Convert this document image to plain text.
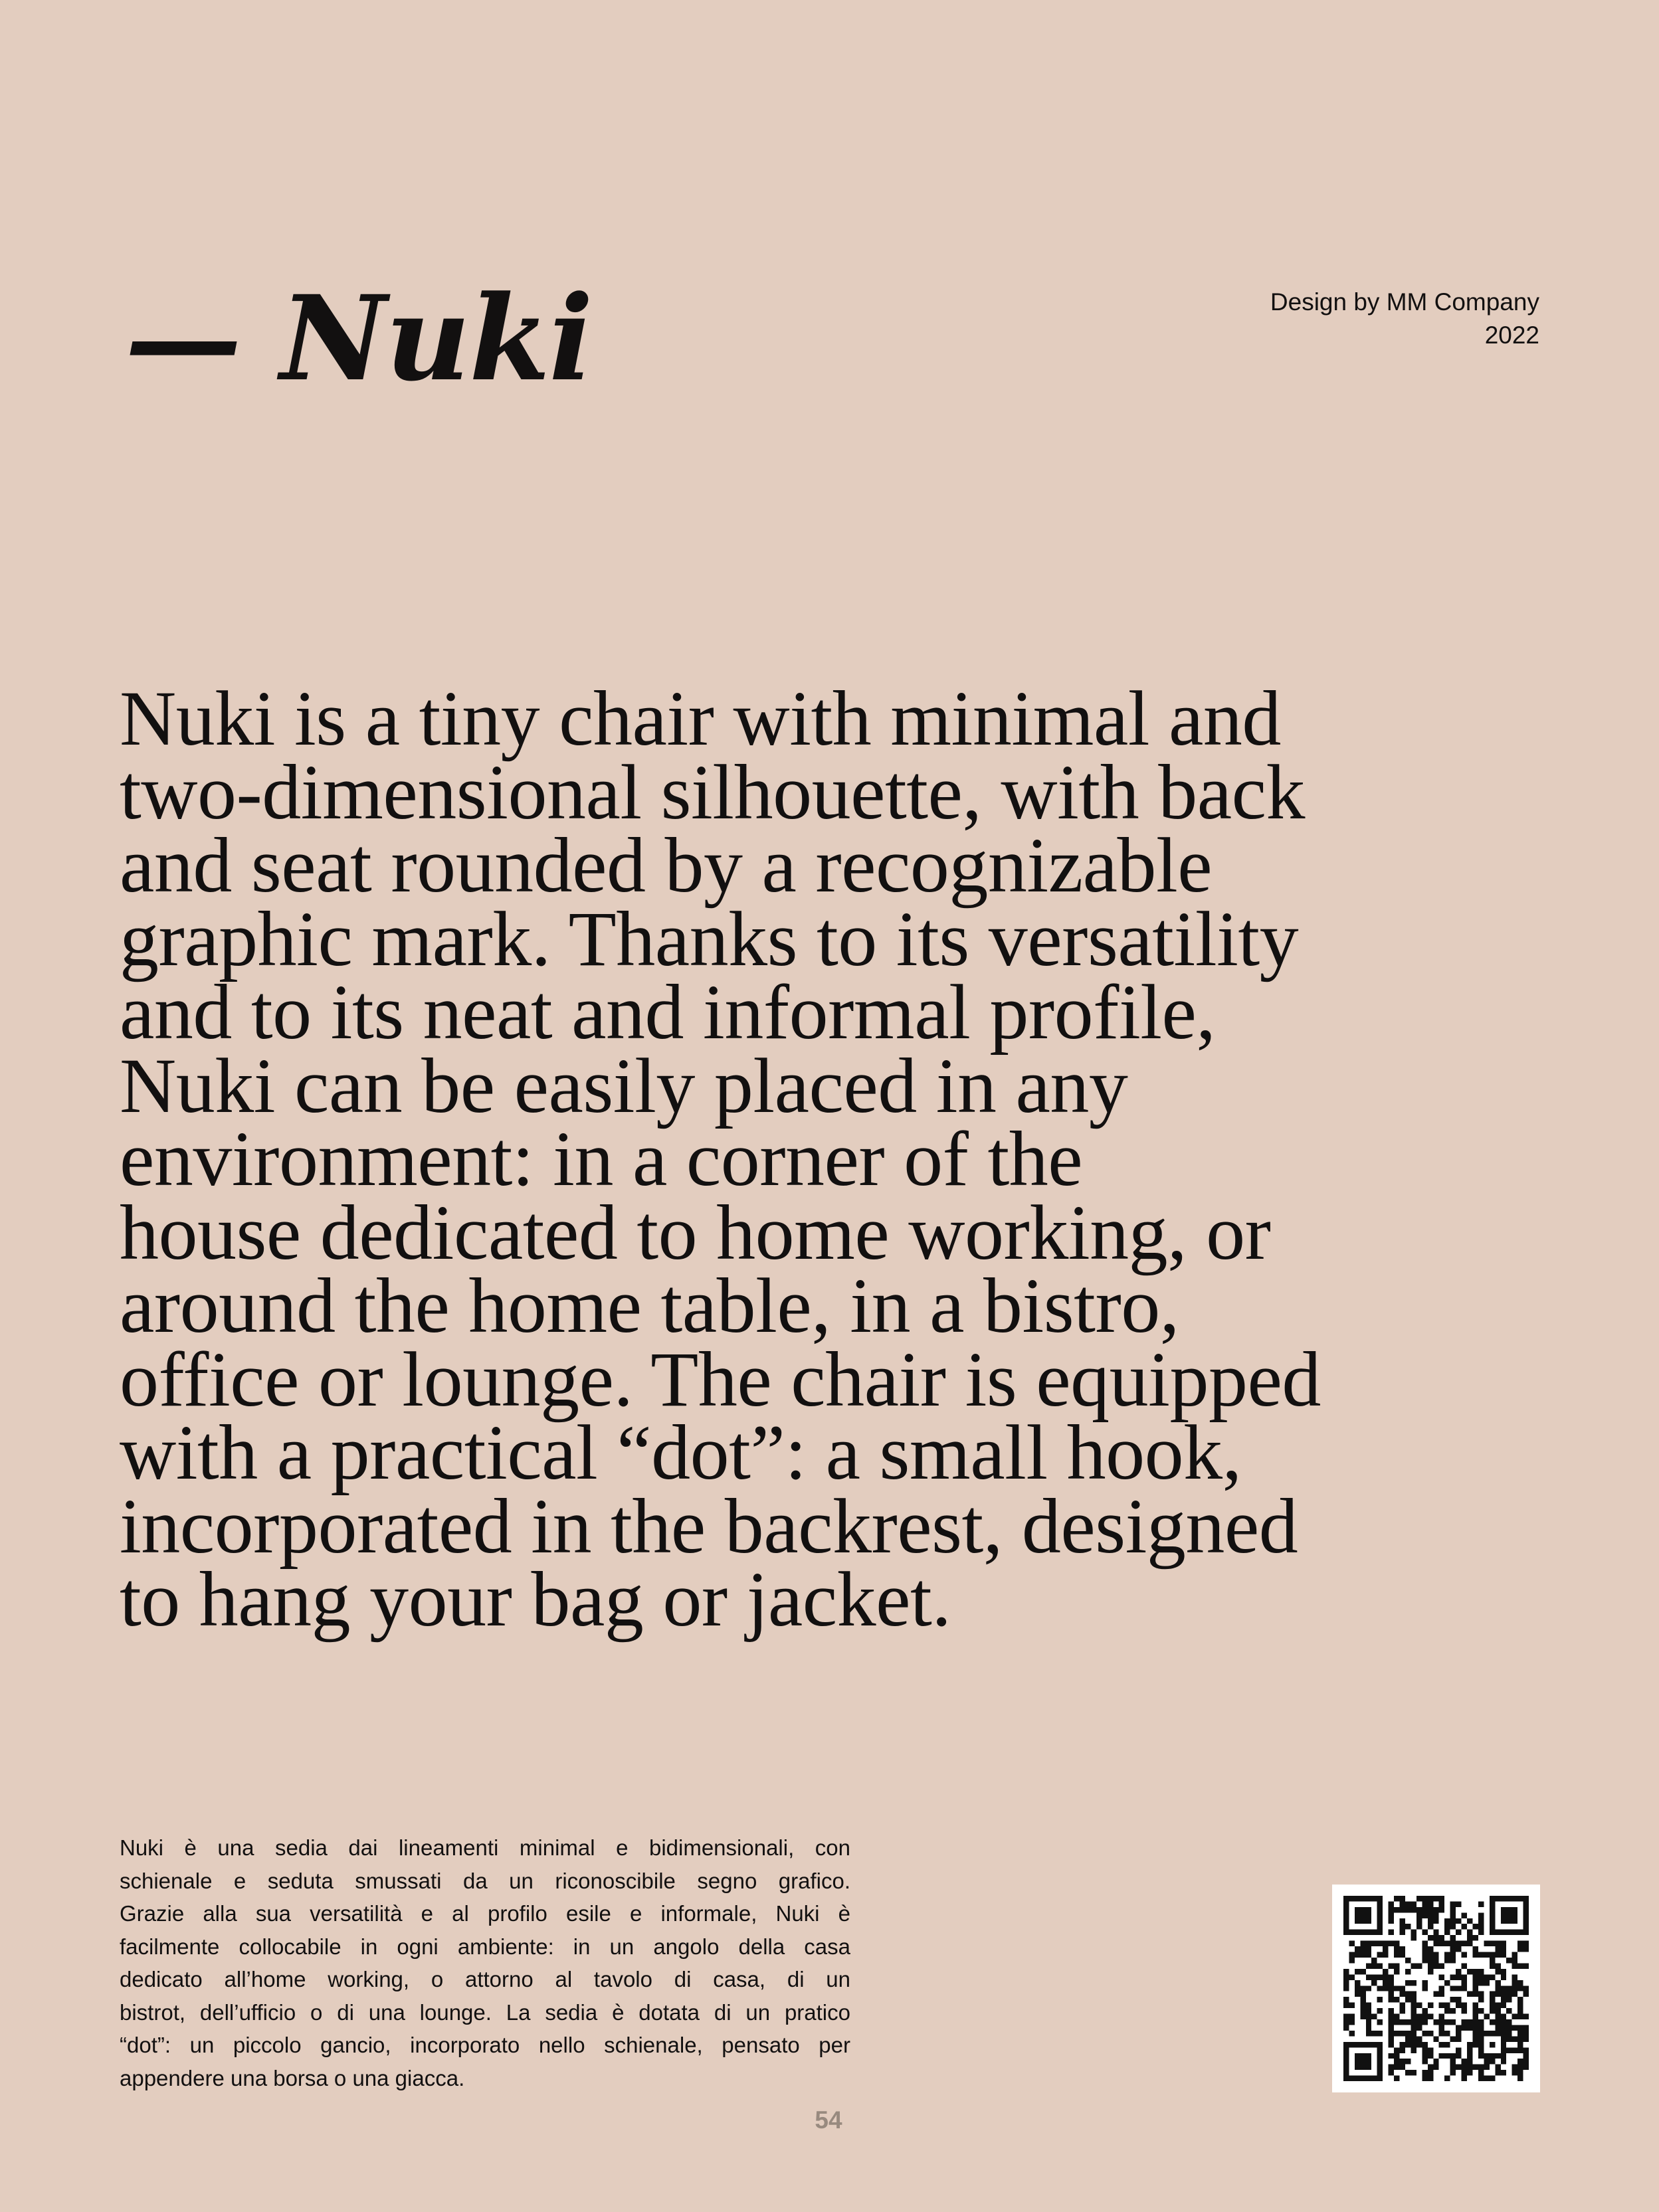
— Nuki	Design by MM Company
2022
Nuki is a tiny chair with minimal and
two-dimensional silhouette, with back
and seat rounded by a recognizable
graphic mark. Thanks to its versatility
and to its neat and informal profile,
Nuki can be easily placed in any
environment: in a corner of the
house dedicated to home working, or
around the home table, in a bistro,
office or lounge. The chair is equipped
with a practical “dot”: a small hook,
incorporated in the backrest, designed
to hang your bag or jacket.
Nuki è una sedia dai lineamenti minimal e bidimensionali, con
schienale e seduta smussati da un riconoscibile segno grafico.
Grazie alla sua versatilità e al profilo esile e informale, Nuki è
facilmente collocabile in ogni ambiente: in un angolo della casa
dedicato all’home working, o attorno al tavolo di casa, di un
bistrot, dell’ufficio o di una lounge. La sedia è dotata di un pratico
“dot”: un piccolo gancio, incorporato nello schienale, pensato per
appendere una borsa o una giacca.
54
